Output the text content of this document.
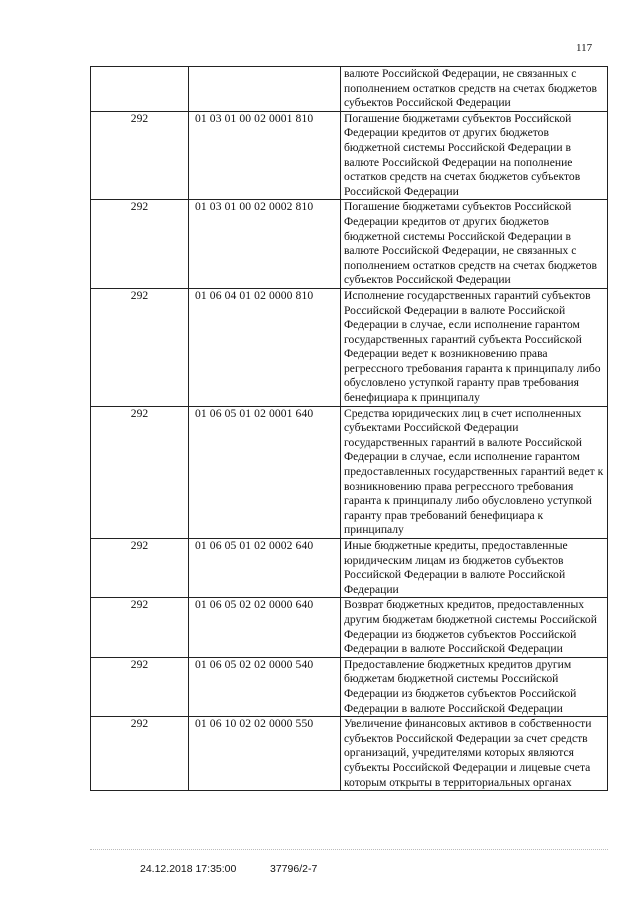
117
		валюте Российской Федерации, не связанных с пополнением остатков средств на счетах бюджетов субъектов Российской Федерации
292	01 03 01 00 02 0001 810	Погашение бюджетами субъектов Российской Федерации кредитов от других бюджетов бюджетной системы Российской Федерации в валюте Российской Федерации на пополнение остатков средств на счетах бюджетов субъектов Российской Федерации
292	01 03 01 00 02 0002 810	Погашение бюджетами субъектов Российской Федерации кредитов от других бюджетов бюджетной системы Российской Федерации в валюте Российской Федерации, не связанных с пополнением остатков средств на счетах бюджетов субъектов Российской Федерации
292	01 06 04 01 02 0000 810	Исполнение государственных гарантий субъектов Российской Федерации в валюте Российской Федерации в случае, если исполнение гарантом государственных гарантий субъекта Российской Федерации ведет к возникновению права регрессного требования гаранта к принципалу либо обусловлено уступкой гаранту прав требования бенефициара к принципалу
292	01 06 05 01 02 0001 640	Средства юридических лиц в счет исполненных субъектами Российской Федерации государственных гарантий в валюте Российской Федерации в случае, если исполнение гарантом предоставленных государственных гарантий ведет к возникновению права регрессного требования гаранта к принципалу либо обусловлено уступкой гаранту прав требований бенефициара к принципалу
292	01 06 05 01 02 0002 640	Иные бюджетные кредиты, предоставленные юридическим лицам из бюджетов субъектов Российской Федерации в валюте Российской Федерации
292	01 06 05 02 02 0000 640	Возврат бюджетных кредитов, предоставленных другим бюджетам бюджетной системы Российской Федерации из бюджетов субъектов Российской Федерации в валюте Российской Федерации
292	01 06 05 02 02 0000 540	Предоставление бюджетных кредитов другим бюджетам бюджетной системы Российской Федерации из бюджетов субъектов Российской Федерации в валюте Российской Федерации
292	01 06 10 02 02 0000 550	Увеличение финансовых активов в собственности субъектов Российской Федерации за счет средств организаций, учредителями которых являются субъекты Российской Федерации и лицевые счета которым открыты в территориальных органах
24.12.2018 17:35:00	37796/2-7
